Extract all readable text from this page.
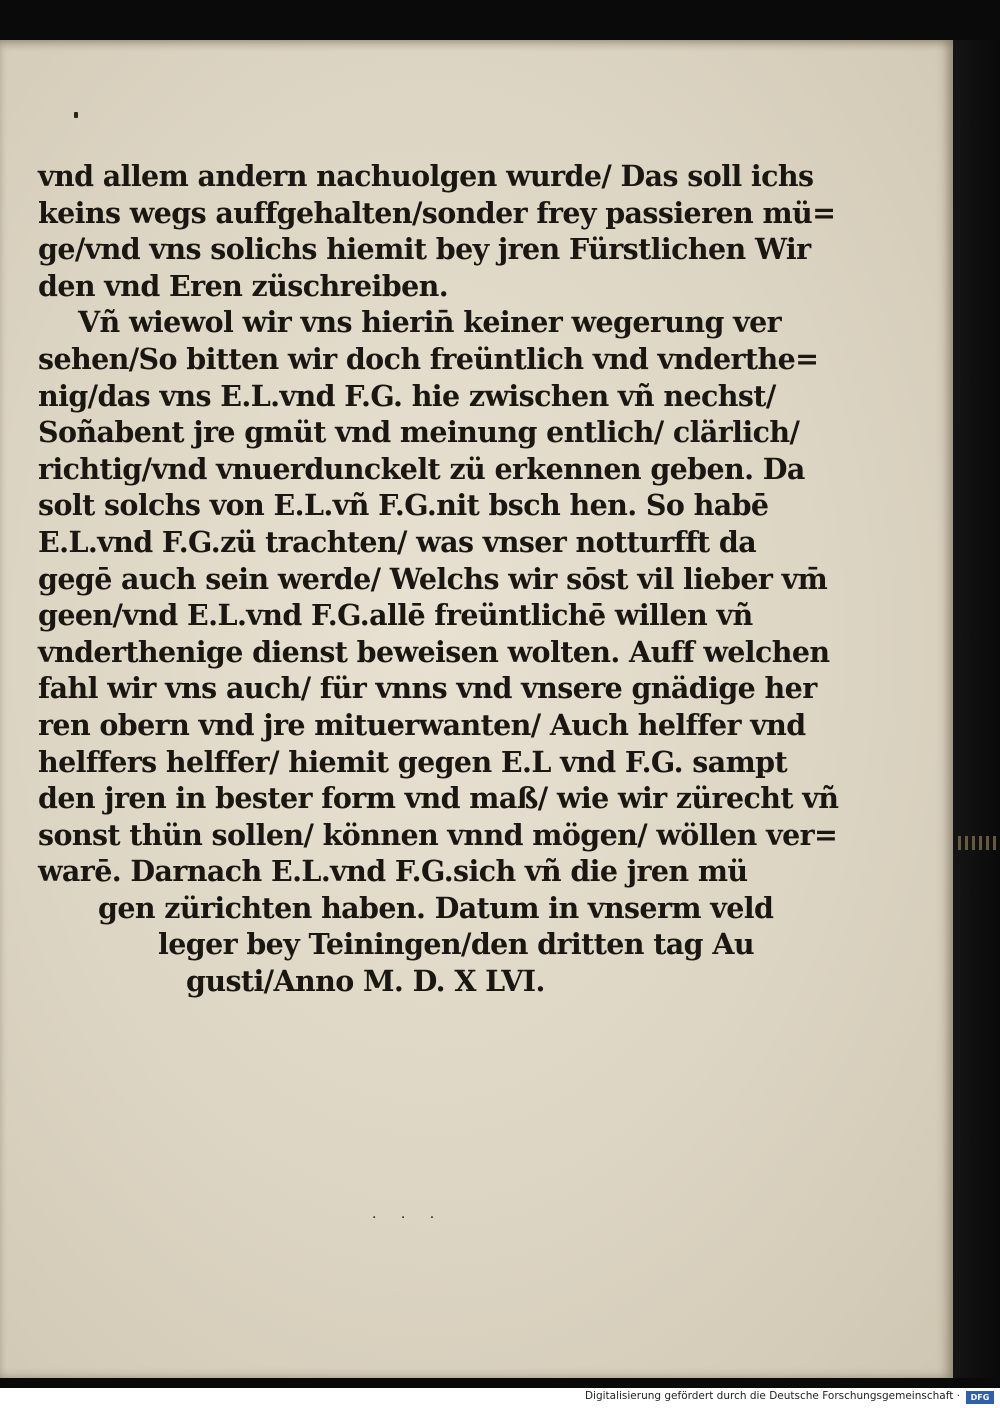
vnd allem andern nachuolgen wurde/ Das soll ichs

keins wegs auffgehalten/sonder frey passieren mü=

ge/vnd vns solichs hiemit bey jren Fürstlichen Wir

den vnd Eren züschreiben.

Vñ wiewol wir vns hierin̄ keiner wegerung ver

sehen/So bitten wir doch freüntlich vnd vnderthe=

nig/das vns E.L.vnd F.G. hie zwischen vñ nechst/

Soñabent jre gmüt vnd meinung entlich/ clärlich/

richtig/vnd vnuerdunckelt zü erkennen geben. Da

solt solchs von E.L.vñ F.G.nit bsch hen. So habē

E.L.vnd F.G.zü trachten/ was vnser notturfft da

gegē auch sein werde/ Welchs wir sōst vil lieber vm̄

geen/vnd E.L.vnd F.G.allē freüntlichē willen vñ

vnderthenige dienst beweisen wolten. Auff welchen

fahl wir vns auch/ für vnns vnd vnsere gnädige her

ren obern vnd jre mituerwanten/ Auch helffer vnd

helffers helffer/ hiemit gegen E.L vnd F.G. sampt

den jren in bester form vnd maß/ wie wir zürecht vñ

sonst thün sollen/ können vnnd mögen/ wöllen ver=

warē. Darnach E.L.vnd F.G.sich vñ die jren mü

gen zürichten haben. Datum in vnserm veld

leger bey Teiningen/den dritten tag Au

gusti/Anno M. D. X LVI.

· · ·
Digitalisierung gefördert durch die Deutsche Forschungsgemeinschaft ·	DFG
